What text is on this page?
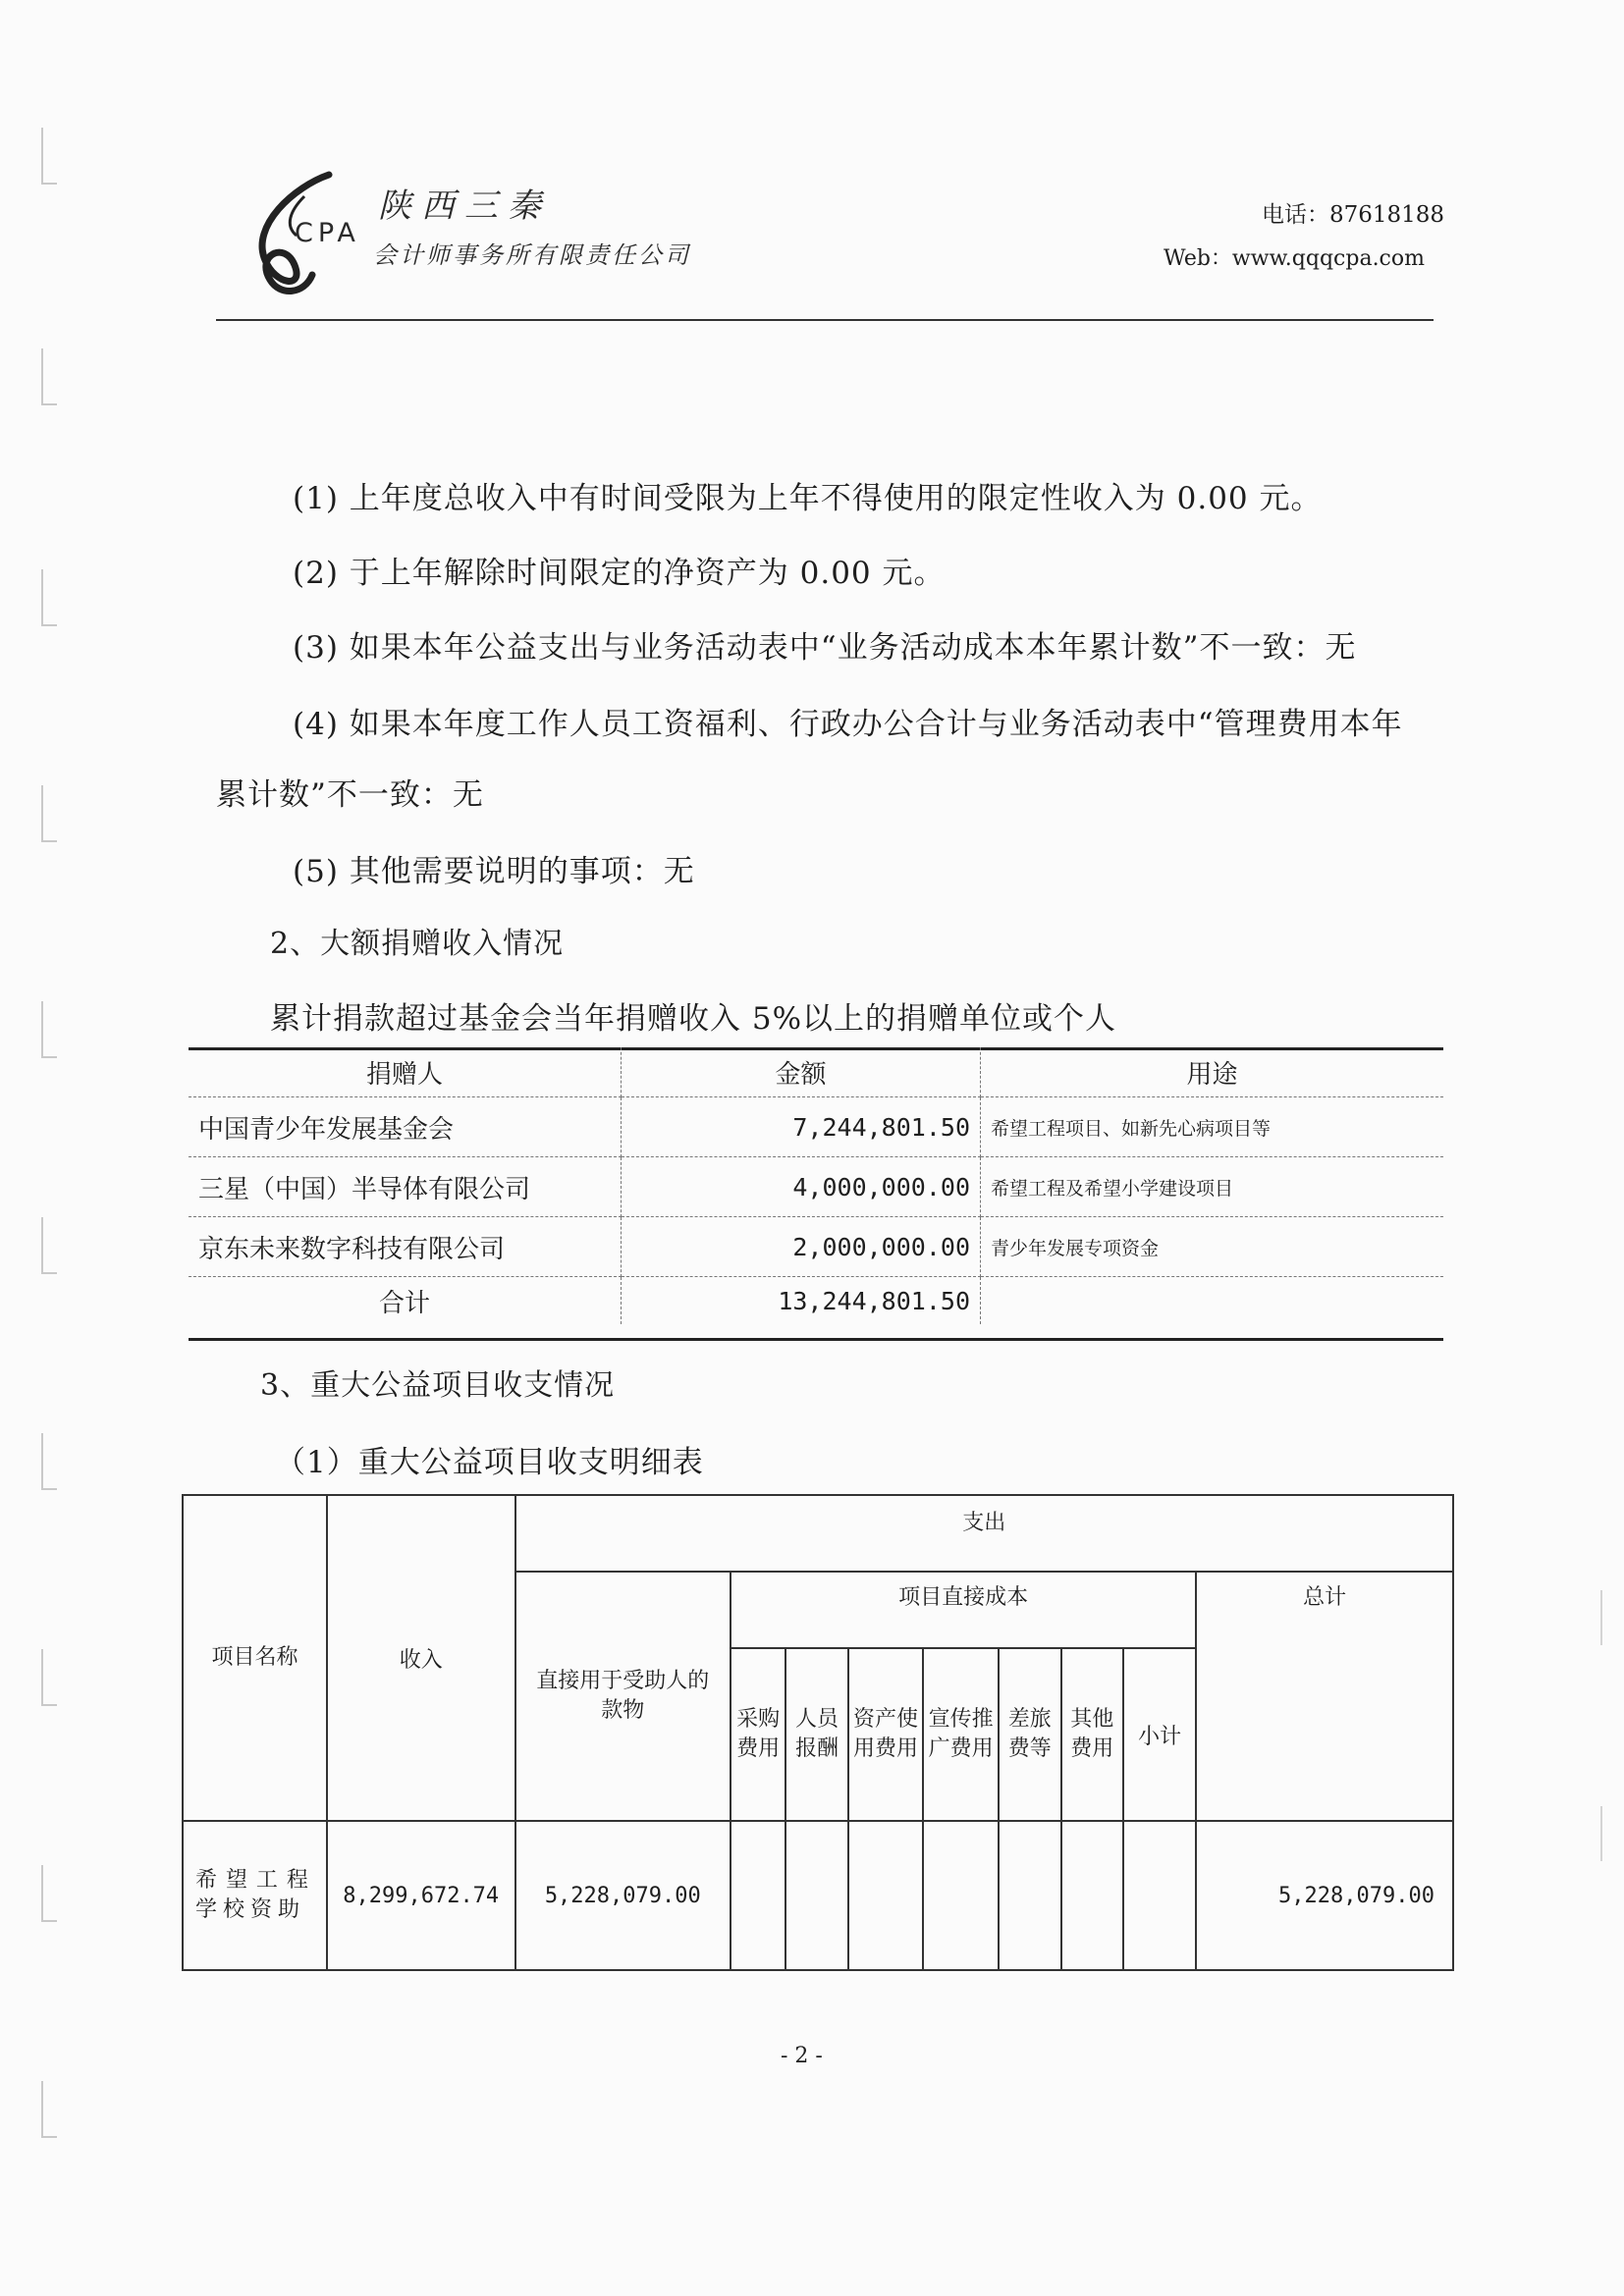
陕西三秦
CPA
会计师事务所有限责任公司
电话：87618188
Web：www.qqqcpa.com
(1) 上年度总收入中有时间受限为上年不得使用的限定性收入为 0.00 元。
(2) 于上年解除时间限定的净资产为 0.00 元。
(3) 如果本年公益支出与业务活动表中“业务活动成本本年累计数”不一致：无
(4) 如果本年度工作人员工资福利、行政办公合计与业务活动表中“管理费用本年
累计数”不一致：无
(5) 其他需要说明的事项：无
2、大额捐赠收入情况
累计捐款超过基金会当年捐赠收入 5%以上的捐赠单位或个人
捐赠人	金额	用途
中国青少年发展基金会	7,244,801.50	希望工程项目、如新先心病项目等
三星（中国）半导体有限公司	4,000,000.00	希望工程及希望小学建设项目
京东未来数字科技有限公司	2,000,000.00	青少年发展专项资金
合计	13,244,801.50	
3、重大公益项目收支情况
（1）重大公益项目收支明细表
项目名称	收入	支出								
		直接用于受助人的款物	项目直接成本							总计
			采购费用	人员报酬	资产使用费用	宣传推广费用	差旅费等	其他费用	小计	
希望工程学校资助	8,299,672.74	5,228,079.00								5,228,079.00
- 2 -
